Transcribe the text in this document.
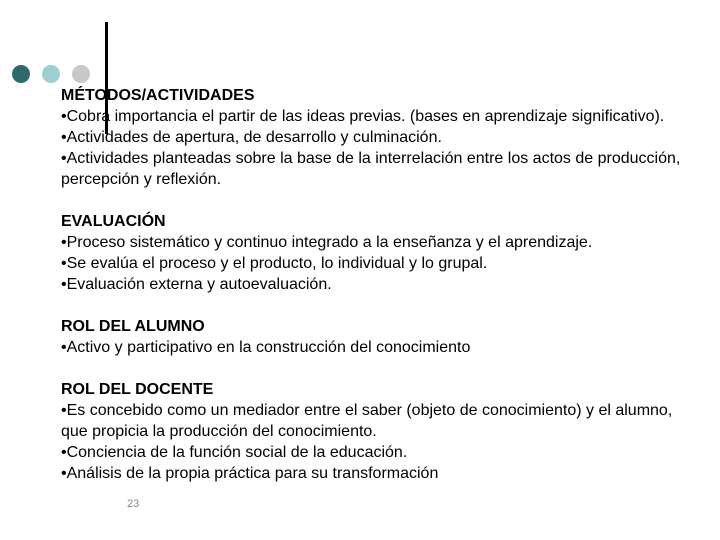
MÉTODOS/ACTIVIDADES
•Cobra importancia el partir de las ideas previas. (bases en aprendizaje significativo).
•Actividades de apertura, de desarrollo y culminación.
•Actividades planteadas sobre la base de la interrelación entre los actos de producción, percepción y reflexión.
EVALUACIÓN
•Proceso sistemático y continuo integrado a la enseñanza y el aprendizaje.
•Se evalúa el proceso y el producto, lo individual y lo grupal.
•Evaluación externa y autoevaluación.
ROL DEL ALUMNO
•Activo y participativo en la construcción del conocimiento
ROL DEL DOCENTE
•Es concebido como un mediador entre el saber (objeto de conocimiento) y el alumno, que propicia la producción del conocimiento.
•Conciencia de la función social de la educación.
•Análisis de la propia práctica para su transformación
23
